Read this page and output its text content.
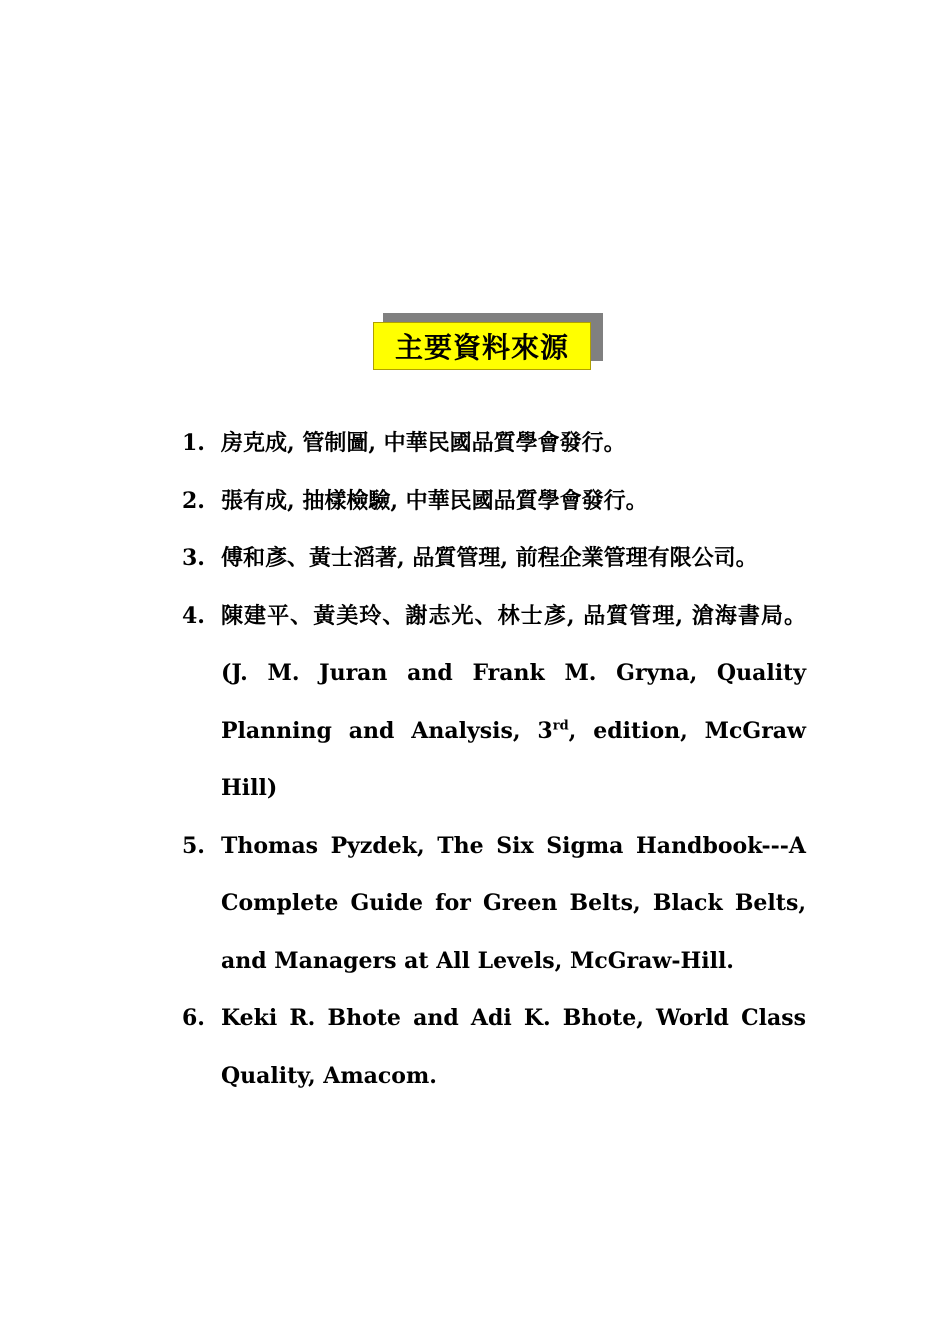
主要資料來源
1. 房克成, 管制圖, 中華民國品質學會發行。
2. 張有成, 抽樣檢驗, 中華民國品質學會發行。
3. 傅和彥、黃士滔著, 品質管理, 前程企業管理有限公司。
4. 陳建平、黃美玲、謝志光、林士彥, 品質管理, 滄海書局。(J. M. Juran and Frank M. Gryna, Quality Planning and Analysis, 3rd, edition, McGraw Hill)
5. Thomas Pyzdek, The Six Sigma Handbook---A Complete Guide for Green Belts, Black Belts, and Managers at All Levels, McGraw-Hill.
6. Keki R. Bhote and Adi K. Bhote, World Class Quality, Amacom.
